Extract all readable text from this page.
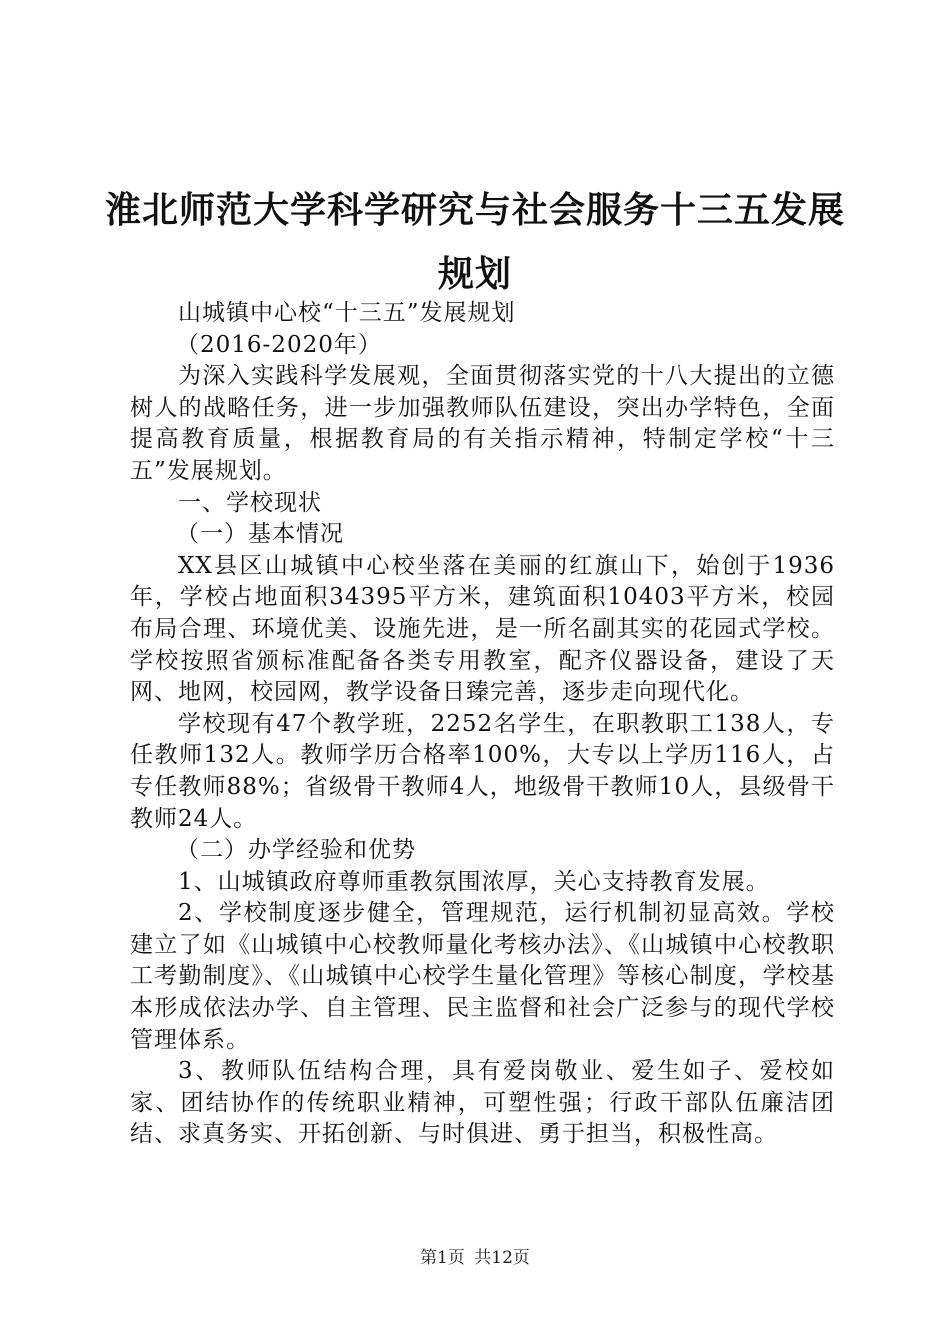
淮北师范大学科学研究与社会服务十三五发展规划

山城镇中心校“十三五”发展规划

（2016-2020年）

为深入实践科学发展观，全面贯彻落实党的十八大提出的立德树人的战略任务，进一步加强教师队伍建设，突出办学特色，全面提高教育质量，根据教育局的有关指示精神，特制定学校“十三五”发展规划。

一、学校现状

（一）基本情况

XX县区山城镇中心校坐落在美丽的红旗山下，始创于1936年，学校占地面积34395平方米，建筑面积10403平方米，校园布局合理、环境优美、设施先进，是一所名副其实的花园式学校。学校按照省颁标准配备各类专用教室，配齐仪器设备，建设了天网、地网，校园网，教学设备日臻完善，逐步走向现代化。

学校现有47个教学班，2252名学生，在职教职工138人，专任教师132人。教师学历合格率100%，大专以上学历116人，占专任教师88%；省级骨干教师4人，地级骨干教师10人，县级骨干教师24人。

（二）办学经验和优势

1、山城镇政府尊师重教氛围浓厚，关心支持教育发展。

2、学校制度逐步健全，管理规范，运行机制初显高效。学校建立了如《山城镇中心校教师量化考核办法》、《山城镇中心校教职工考勤制度》、《山城镇中心校学生量化管理》等核心制度，学校基本形成依法办学、自主管理、民主监督和社会广泛参与的现代学校管理体系。

3、教师队伍结构合理，具有爱岗敬业、爱生如子、爱校如家、团结协作的传统职业精神，可塑性强；行政干部队伍廉洁团结、求真务实、开拓创新、与时俱进、勇于担当，积极性高。

第1页 共12页
